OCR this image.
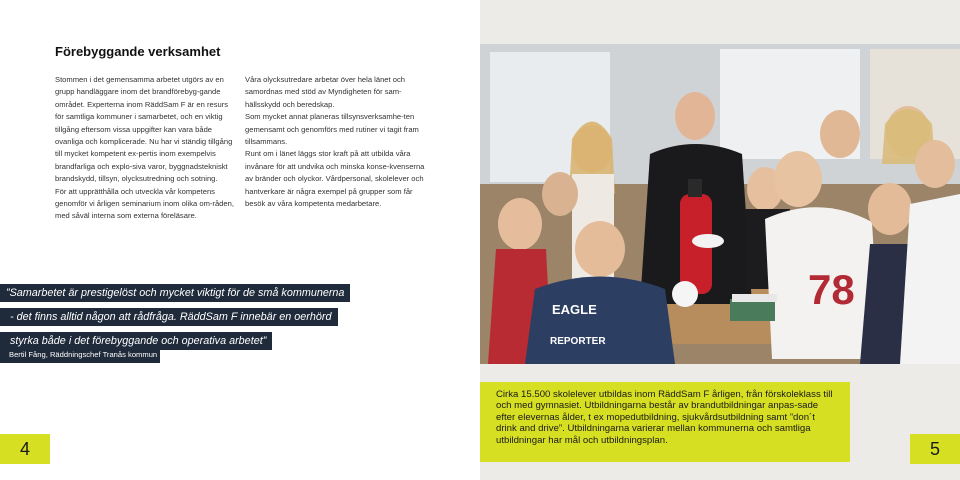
Förebyggande verksamhet

Stommen i det gemensamma arbetet utgörs av en grupp handläggare inom det brandförebyg-gande området. Experterna inom RäddSam F är en resurs för samtliga kommuner i samarbetet, och en viktig tillgång eftersom vissa uppgifter kan vara både ovanliga och komplicerade. Nu har vi ständig tillgång till mycket kompetent ex-pertis inom exempelvis brandfarliga och explo-siva varor, byggnadstekniskt brandskydd, tillsyn, olycksutredning och sotning.

För att upprätthålla och utveckla vår kompetens genomför vi årligen seminarium inom olika om-råden, med såväl interna som externa föreläsare.

Våra olycksutredare arbetar över hela länet och samordnas med stöd av Myndigheten för sam-hällsskydd och beredskap.

Som mycket annat planeras tillsynsverksamhe-ten gemensamt och genomförs med rutiner vi tagit fram tillsammans.

Runt om i länet läggs stor kraft på att utbilda våra invånare för att undvika och minska konse-kvenserna av bränder och olyckor. Vårdpersonal, skolelever och hantverkare är några exempel på grupper som får besök av våra kompetenta medarbetare.

”Samarbetet är prestigelöst och mycket viktigt för de små kommunerna
- det finns alltid någon att rådfråga. RäddSam F innebär en oerhörd
styrka både i det förebyggande och operativa arbetet”
Bertil Fång, Räddningschef Tranås kommun
4
EAGLE
REPORTER
78
Cirka 15.500 skolelever utbildas inom RäddSam F årligen, från förskoleklass till och med gymnasiet. Utbildningarna består av brandutbildningar anpas-sade efter elevernas ålder, t ex mopedutbildning, sjukvårdsutbildning samt ”don´t drink and drive”. Utbildningarna varierar mellan kommunerna och samtliga utbildningar har mål och utbildningsplan.	5
